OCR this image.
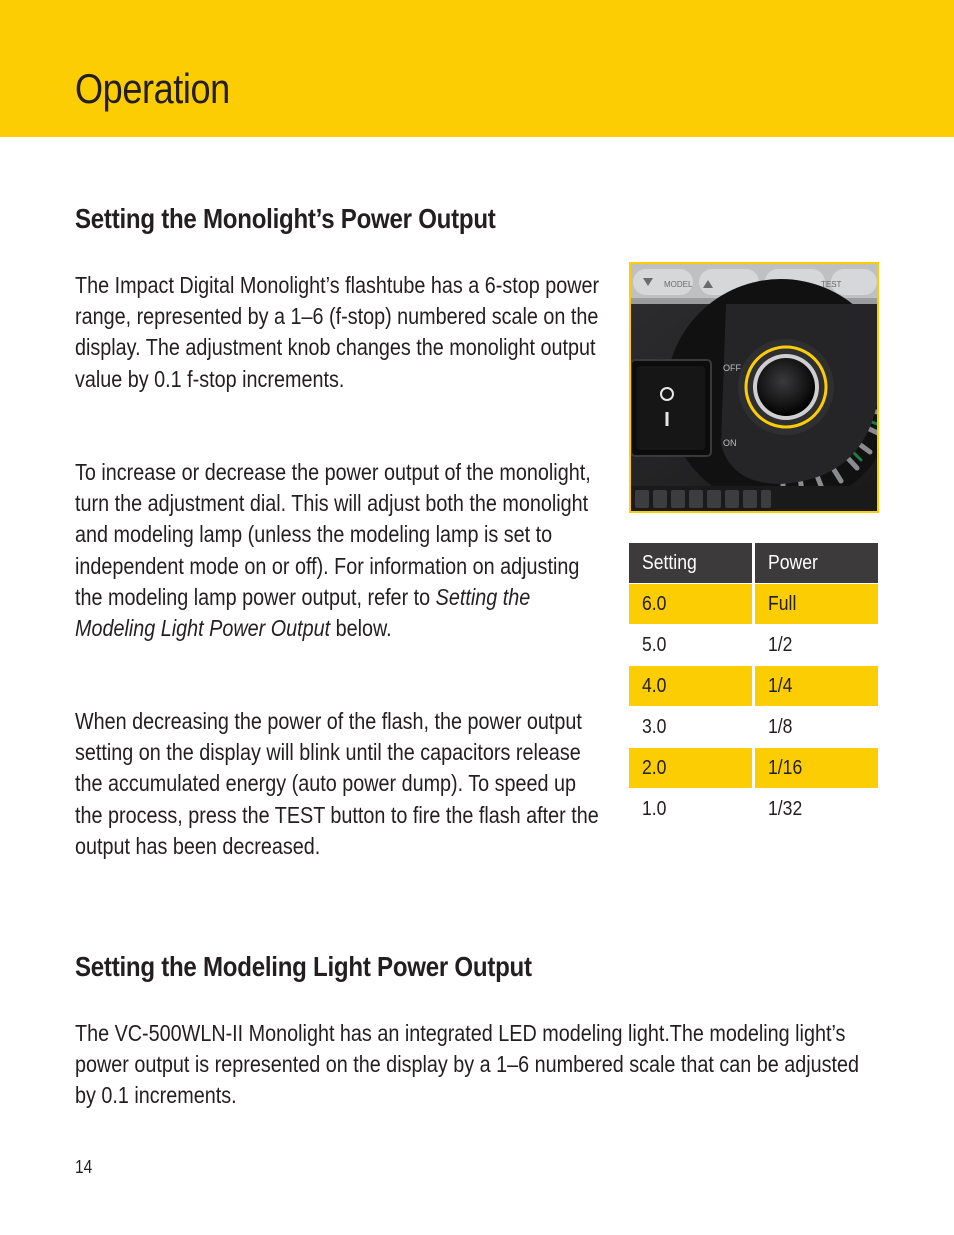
Operation
Setting the Monolight’s Power Output

The Impact Digital Monolight’s flashtube has a 6-stop power range, represented by a 1–6 (f-stop) numbered scale on the display. The adjustment knob changes the monolight output value by 0.1 f-stop increments.

To increase or decrease the power output of the monolight, turn the adjustment dial. This will adjust both the monolight and modeling lamp (unless the modeling lamp is set to independent mode on or off). For information on adjusting the modeling lamp power output, refer to Setting the Modeling Light Power Output below.

When decreasing the power of the flash, the power output setting on the display will blink until the capacitors release the accumulated energy (auto power dump). To speed up the process, press the TEST button to fire the flash after the output has been decreased.

MODEL	TEST
OFF
ON
Setting	Power
6.0	Full
5.0	1/2
4.0	1/4
3.0	1/8
2.0	1/16
1.0	1/32
Setting the Modeling Light Power Output

The VC-500WLN-II Monolight has an integrated LED modeling light.The modeling light’s power output is represented on the display by a 1–6 numbered scale that can be adjusted by 0.1 increments.

14
